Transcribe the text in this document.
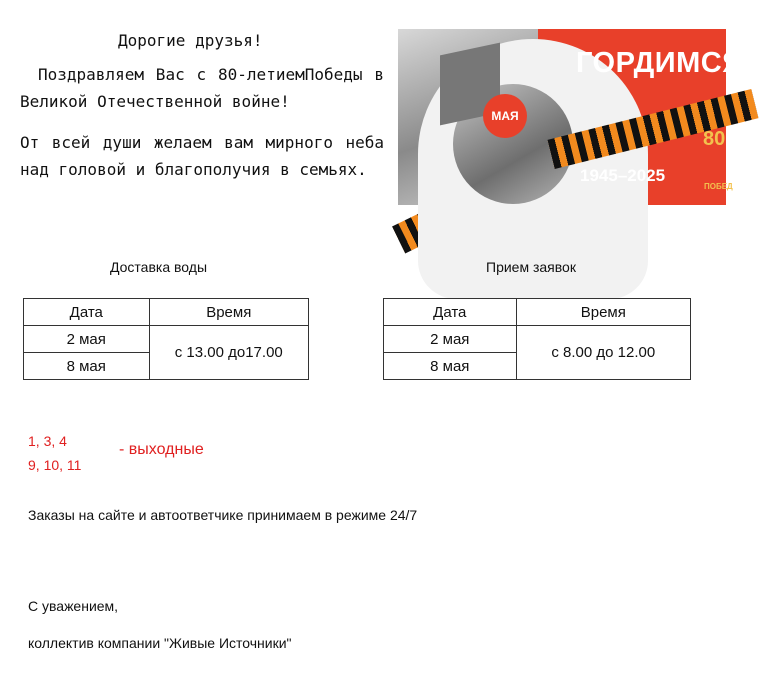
Дорогие друзья!
Поздравляем Вас с 80-летиемПобеды в Великой Отечественной войне!
От всей души желаем вам мирного неба над головой и благополучия в семьях.
МАЯ
ГОРДИМСЯ
1945–2025
80
ПОБЕД
Доставка воды
Дата	Время
2 мая	с 13.00 до17.00
8 мая	
Прием заявок
Дата	Время
2 мая	с 8.00 до 12.00
8 мая	
1, 3, 4
9, 10, 11
- выходные
Заказы на сайте и автоответчике принимаем в режиме 24/7
С уважением,
коллектив компании "Живые Источники"
